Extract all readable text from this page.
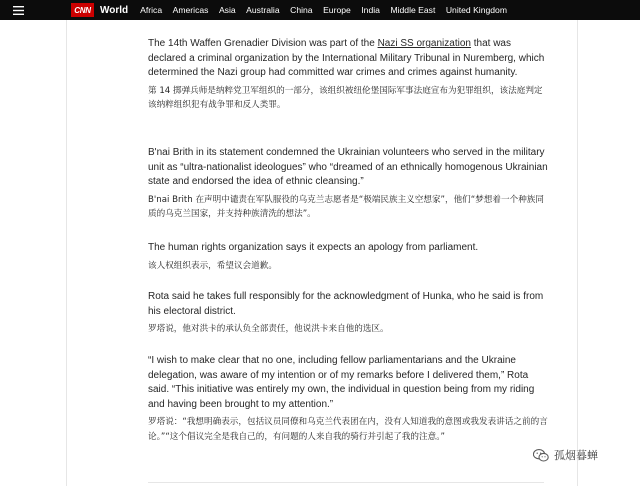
CNN World Africa Americas Asia Australia China Europe India Middle East United Kingdom

The 14th Waffen Grenadier Division was part of the Nazi SS organization that was declared a criminal organization by the International Military Tribunal in Nuremberg, which determined the Nazi group had committed war crimes and crimes against humanity.

第 14 掷弹兵师是纳粹党卫军组织的一部分，该组织被纽伦堡国际军事法庭宣布为犯罪组织，该法庭判定该纳粹组织犯有战争罪和反人类罪。

B'nai Brith in its statement condemned the Ukrainian volunteers who served in the military unit as “ultra-nationalist ideologues” who “dreamed of an ethnically homogenous Ukrainian state and endorsed the idea of ethnic cleansing.”

B'nai Brith 在声明中谴责在军队服役的乌克兰志愿者是“极端民族主义空想家”，他们“梦想着一个种族同质的乌克兰国家，并支持种族清洗的想法”。

The human rights organization says it expects an apology from parliament.

该人权组织表示，希望议会道歉。

Rota said he takes full responsibly for the acknowledgment of Hunka, who he said is from his electoral district.

罗塔说，他对洪卡的承认负全部责任，他说洪卡来自他的选区。

“I wish to make clear that no one, including fellow parliamentarians and the Ukraine delegation, was aware of my intention or of my remarks before I delivered them,” Rota said. “This initiative was entirely my own, the individual in question being from my riding and having been brought to my attention.”

罗塔说：“我想明确表示，包括议员同僚和乌克兰代表团在内，没有人知道我的意图或我发表讲话之前的言论。”“这个倡议完全是我自己的，有问题的人来自我的骑行并引起了我的注意。”

孤烟暮蝉
